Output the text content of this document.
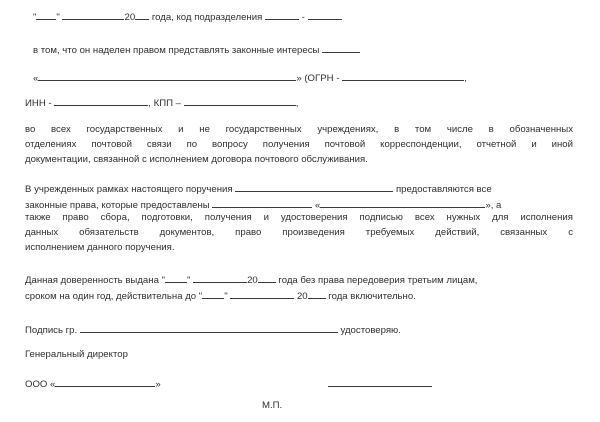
" "	20 года, код подразделения	-
в том, что он наделен правом представлять законные интересы
«	» (ОГРН -	,
ИНН -	, КПП –	,
во всех государственных и не государственных учреждениях, в том числе в обозначенных
отделениях почтовой связи по вопросу получения почтовой корреспонденции, отчетной и иной
документации, связанной с исполнением договора почтового обслуживания.
В учрежденных рамках настоящего поручения	предоставляются все
законные права, которые предоставлены	«	», а
также право сбора, подготовки, получения и удостоверения подписью всех нужных для исполнения
данных обязательств документов, право произведения требуемых действий, связанных с
исполнением данного поручения.
Данная доверенность выдана " "	20 года без права передоверия третьим лицам,
сроком на один год, действительна до " "	20 года включительно.
Подпись гр.	удостоверяю.
Генеральный директор
ООО «	»
М.П.
